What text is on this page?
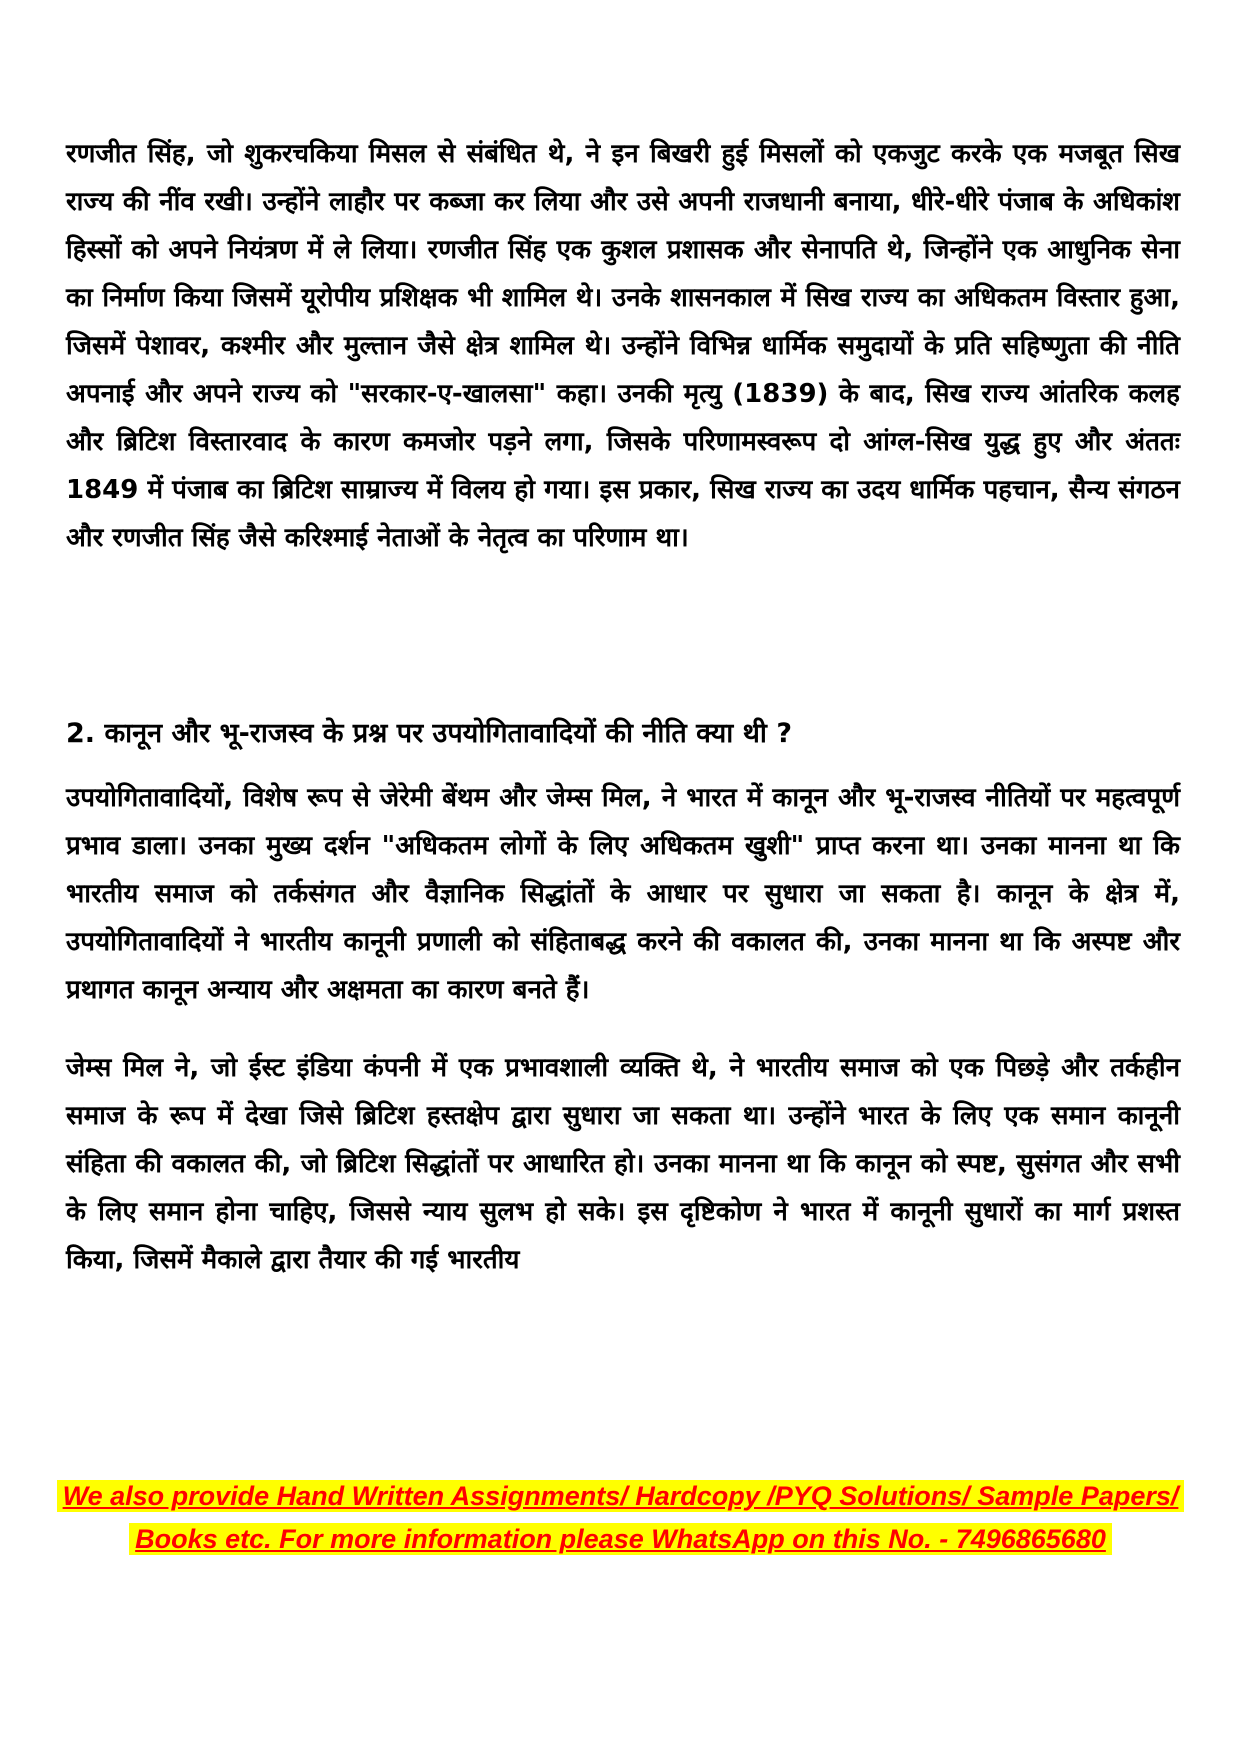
रणजीत सिंह, जो शुकरचकिया मिसल से संबंधित थे, ने इन बिखरी हुई मिसलों को एकजुट करके एक मजबूत सिख राज्य की नींव रखी। उन्होंने लाहौर पर कब्जा कर लिया और उसे अपनी राजधानी बनाया, धीरे-धीरे पंजाब के अधिकांश हिस्सों को अपने नियंत्रण में ले लिया। रणजीत सिंह एक कुशल प्रशासक और सेनापति थे, जिन्होंने एक आधुनिक सेना का निर्माण किया जिसमें यूरोपीय प्रशिक्षक भी शामिल थे। उनके शासनकाल में सिख राज्य का अधिकतम विस्तार हुआ, जिसमें पेशावर, कश्मीर और मुल्तान जैसे क्षेत्र शामिल थे। उन्होंने विभिन्न धार्मिक समुदायों के प्रति सहिष्णुता की नीति अपनाई और अपने राज्य को "सरकार-ए-खालसा" कहा। उनकी मृत्यु (1839) के बाद, सिख राज्य आंतरिक कलह और ब्रिटिश विस्तारवाद के कारण कमजोर पड़ने लगा, जिसके परिणामस्वरूप दो आंग्ल-सिख युद्ध हुए और अंततः 1849 में पंजाब का ब्रिटिश साम्राज्य में विलय हो गया। इस प्रकार, सिख राज्य का उदय धार्मिक पहचान, सैन्य संगठन और रणजीत सिंह जैसे करिश्माई नेताओं के नेतृत्व का परिणाम था।

2. कानून और भू-राजस्व के प्रश्न पर उपयोगितावादियों की नीति क्या थी ?

उपयोगितावादियों, विशेष रूप से जेरेमी बेंथम और जेम्स मिल, ने भारत में कानून और भू-राजस्व नीतियों पर महत्वपूर्ण प्रभाव डाला। उनका मुख्य दर्शन "अधिकतम लोगों के लिए अधिकतम खुशी" प्राप्त करना था। उनका मानना था कि भारतीय समाज को तर्कसंगत और वैज्ञानिक सिद्धांतों के आधार पर सुधारा जा सकता है। कानून के क्षेत्र में, उपयोगितावादियों ने भारतीय कानूनी प्रणाली को संहिताबद्ध करने की वकालत की, उनका मानना था कि अस्पष्ट और प्रथागत कानून अन्याय और अक्षमता का कारण बनते हैं।

जेम्स मिल ने, जो ईस्ट इंडिया कंपनी में एक प्रभावशाली व्यक्ति थे, ने भारतीय समाज को एक पिछड़े और तर्कहीन समाज के रूप में देखा जिसे ब्रिटिश हस्तक्षेप द्वारा सुधारा जा सकता था। उन्होंने भारत के लिए एक समान कानूनी संहिता की वकालत की, जो ब्रिटिश सिद्धांतों पर आधारित हो। उनका मानना था कि कानून को स्पष्ट, सुसंगत और सभी के लिए समान होना चाहिए, जिससे न्याय सुलभ हो सके। इस दृष्टिकोण ने भारत में कानूनी सुधारों का मार्ग प्रशस्त किया, जिसमें मैकाले द्वारा तैयार की गई भारतीय

We also provide Hand Written Assignments/ Hardcopy /PYQ Solutions/ Sample Papers/
Books etc. For more information please WhatsApp on this No. - 7496865680
